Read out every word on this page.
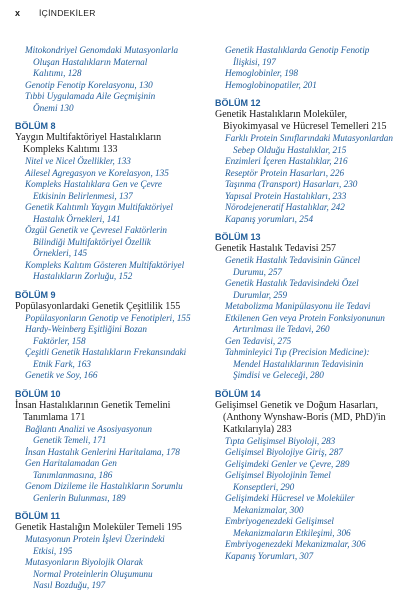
x İÇİNDEKİLER
Mitokondriyel Genomdaki Mutasyonlarla
Oluşan Hastalıkların Maternal
Kalıtımı, 128
Genotip Fenotip Korelasyonu, 130
Tıbbi Uygulamada Aile Geçmişinin
Önemi 130
BÖLÜM 8
Yaygın Multifaktöriyel Hastalıkların
Kompleks Kalıtımı 133
Nitel ve Nicel Özellikler, 133
Ailesel Agregasyon ve Korelasyon, 135
Kompleks Hastalıklara Gen ve Çevre
Etkisinin Belirlenmesi, 137
Genetik Kalıtımlı Yaygın Multifaktöriyel
Hastalık Örnekleri, 141
Özgül Genetik ve Çevresel Faktörlerin
Bilindiği Multifaktöriyel Özellik
Örnekleri, 145
Kompleks Kalıtım Gösteren Multifaktöriyel
Hastalıkların Zorluğu, 152
BÖLÜM 9
Popülasyonlardaki Genetik Çeşitlilik 155
Popülasyonların Genotip ve Fenotipleri, 155
Hardy-Weinberg Eşitliğini Bozan
Faktörler, 158
Çeşitli Genetik Hastalıkların Frekansındaki
Etnik Fark, 163
Genetik ve Soy, 166
BÖLÜM 10
İnsan Hastalıklarının Genetik Temelini
Tanımlama 171
Bağlantı Analizi ve Asosiyasyonun
Genetik Temeli, 171
İnsan Hastalık Genlerini Haritalama, 178
Gen Haritalamadan Gen
Tanımlanmasına, 186
Genom Dizileme ile Hastalıkların Sorumlu
Genlerin Bulunması, 189
BÖLÜM 11
Genetik Hastalığın Moleküler Temeli 195
Mutasyonun Protein İşlevi Üzerindeki
Etkisi, 195
Mutasyonların Biyolojik Olarak
Normal Proteinlerin Oluşumunu
Nasıl Bozduğu, 197
Genetik Hastalıklarda Genotip Fenotip
İlişkisi, 197
Hemoglobinler, 198
Hemoglobinopatiler, 201
BÖLÜM 12
Genetik Hastalıkların Moleküler,
Biyokimyasal ve Hücresel Temelleri 215
Farklı Protein Sınıflarındaki Mutasyonlardan
Sebep Olduğu Hastalıklar, 215
Enzimleri İçeren Hastalıklar, 216
Reseptör Protein Hasarları, 226
Taşınma (Transport) Hasarları, 230
Yapısal Protein Hastalıkları, 233
Nörodejeneratif Hastalıklar, 242
Kapanış yorumları, 254
BÖLÜM 13
Genetik Hastalık Tedavisi 257
Genetik Hastalık Tedavisinin Güncel
Durumu, 257
Genetik Hastalık Tedavisindeki Özel
Durumlar, 259
Metabolizma Manipülasyonu ile Tedavi
Etkilenen Gen veya Protein Fonksiyonunun
Artırılması ile Tedavi, 260
Gen Tedavisi, 275
Tahminleyici Tıp (Precision Medicine):
Mendel Hastalıklarının Tedavisinin
Şimdisi ve Geleceği, 280
BÖLÜM 14
Gelişimsel Genetik ve Doğum Hasarları,
(Anthony Wynshaw-Boris (MD, PhD)'in
Katkılarıyla) 283
Tıpta Gelişimsel Biyoloji, 283
Gelişimsel Biyolojiye Giriş, 287
Gelişimdeki Genler ve Çevre, 289
Gelişimsel Biyolojinin Temel
Konseptleri, 290
Gelişimdeki Hücresel ve Moleküler
Mekanizmalar, 300
Embriyogenezdeki Gelişimsel
Mekanizmaların Etkileşimi, 306
Embriyogenezdeki Mekanizmalar, 306
Kapanış Yorumları, 307
